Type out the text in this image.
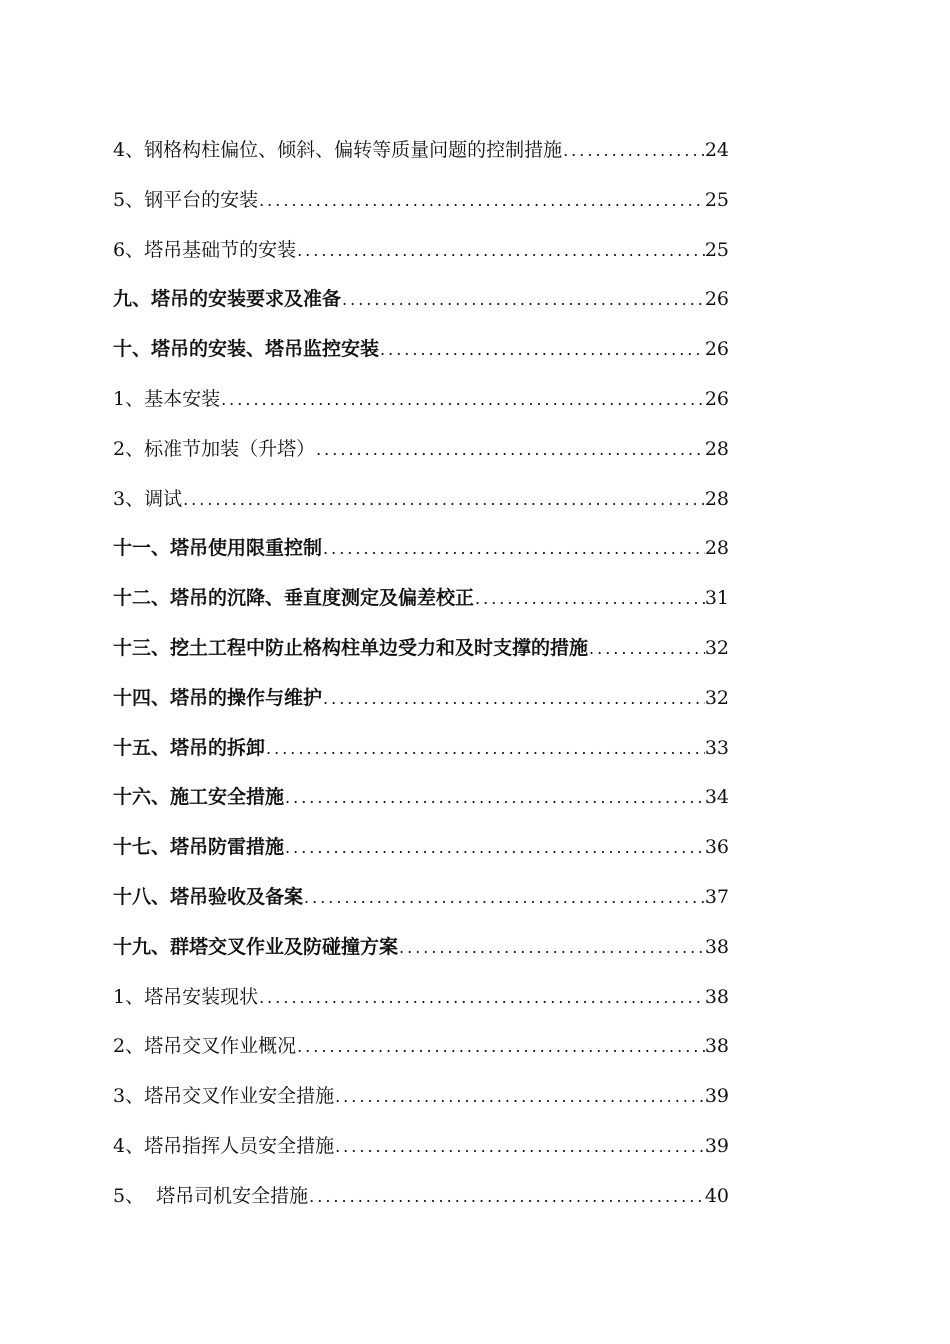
4、钢格构柱偏位、倾斜、偏转等质量问题的控制措施 .....	24
5、钢平台的安装 .....	25
6、塔吊基础节的安装 .....	25
九、塔吊的安装要求及准备 .....	26
十、塔吊的安装、塔吊监控安装 .....	26
1、基本安装 .....	26
2、标准节加装（升塔） .....	28
3、调试 .....	28
十一、塔吊使用限重控制 .....	28
十二、塔吊的沉降、垂直度测定及偏差校正 .....	31
十三、挖土工程中防止格构柱单边受力和及时支撑的措施 .....	32
十四、塔吊的操作与维护 .....	32
十五、塔吊的拆卸 .....	33
十六、施工安全措施 .....	34
十七、塔吊防雷措施 .....	36
十八、塔吊验收及备案 .....	37
十九、群塔交叉作业及防碰撞方案 .....	38
1、塔吊安装现状 .....	38
2、塔吊交叉作业概况 .....	38
3、塔吊交叉作业安全措施 .....	39
4、塔吊指挥人员安全措施 .....	39
5、  塔吊司机安全措施 .....	40
